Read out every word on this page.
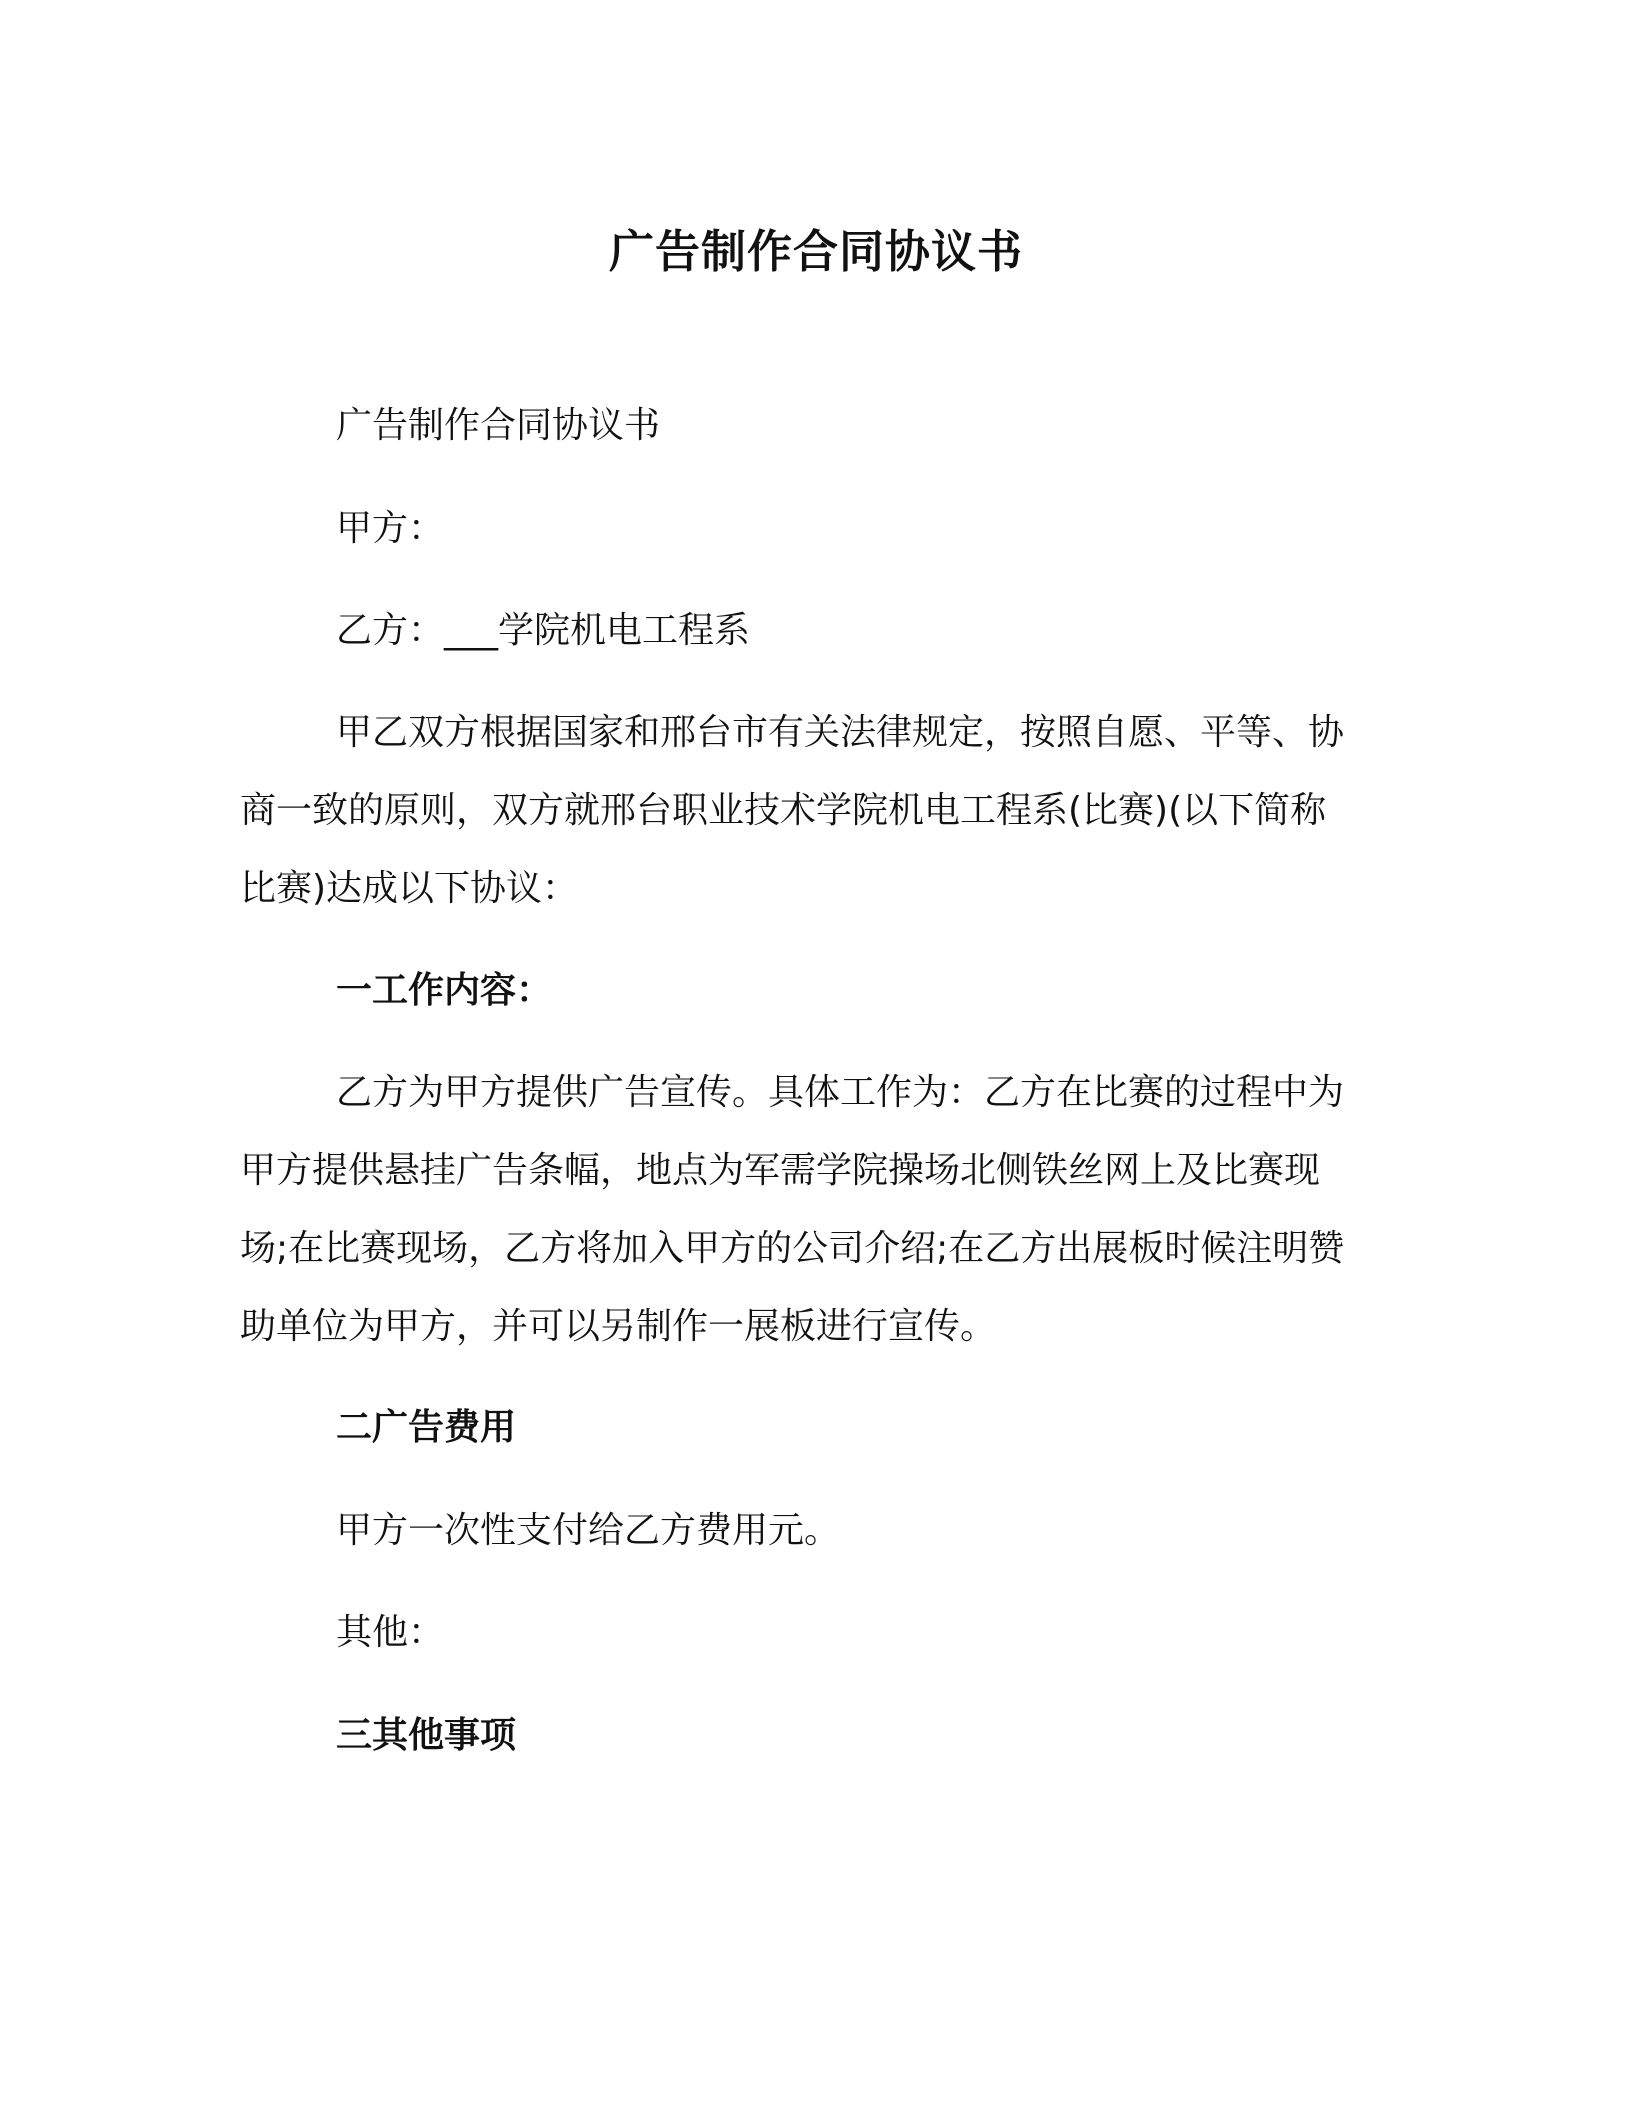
广告制作合同协议书

广告制作合同协议书

甲方：

乙方：___学院机电工程系

甲乙双方根据国家和邢台市有关法律规定，按照自愿、平等、协
商一致的原则，双方就邢台职业技术学院机电工程系(比赛)(以下简称
比赛)达成以下协议：

一工作内容：

乙方为甲方提供广告宣传。具体工作为：乙方在比赛的过程中为
甲方提供悬挂广告条幅，地点为军需学院操场北侧铁丝网上及比赛现
场;在比赛现场，乙方将加入甲方的公司介绍;在乙方出展板时候注明赞
助单位为甲方，并可以另制作一展板进行宣传。

二广告费用

甲方一次性支付给乙方费用元。

其他：

三其他事项
